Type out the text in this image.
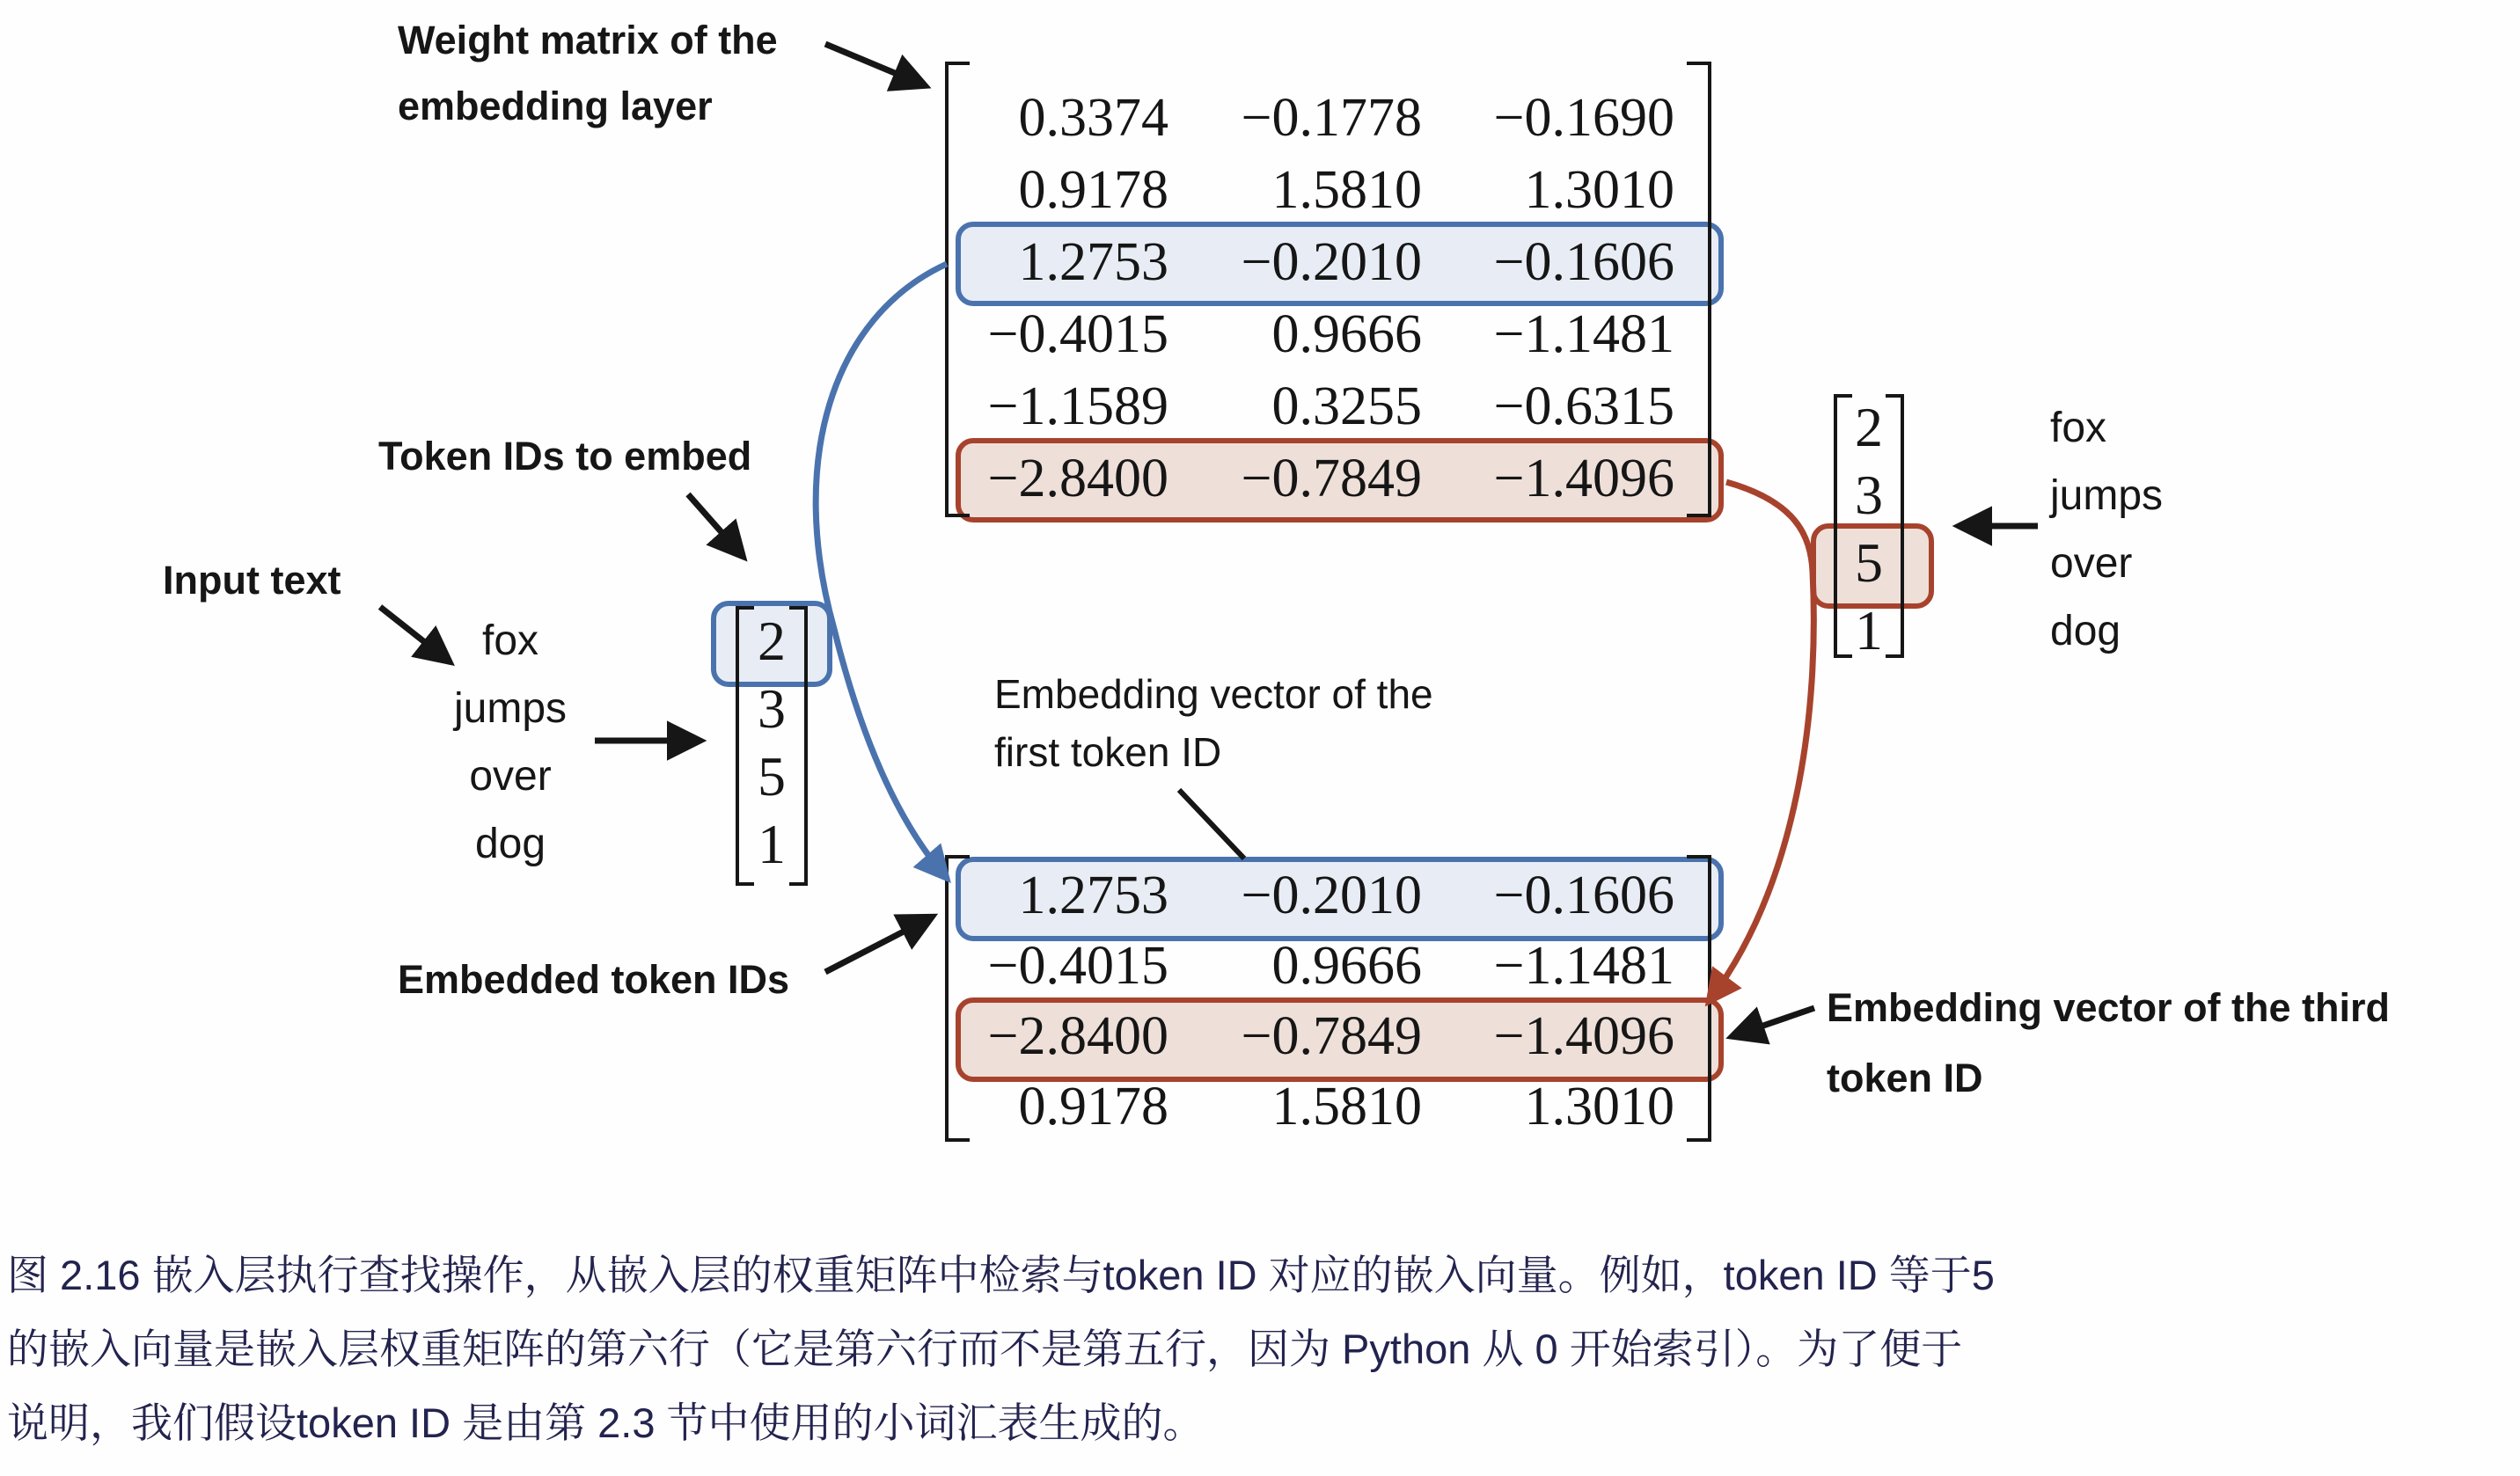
Weight matrix of the
embedding layer
Token IDs to embed
Input text
Embedded token IDs
Embedding vector of the
first token ID
Embedding vector of the third
token ID
fox
jumps
over
dog
fox
jumps
over
dog
0.3374	−0.1778	−0.1690
0.9178	1.5810	1.3010
1.2753	−0.2010	−0.1606
−0.4015	0.9666	−1.1481
−1.1589	0.3255	−0.6315
−2.8400	−0.7849	−1.4096
1.2753	−0.2010	−0.1606
−0.4015	0.9666	−1.1481
−2.8400	−0.7849	−1.4096
0.9178	1.5810	1.3010
2
3
5
1
2
3
5
1
图 2.16 嵌入层执行查找操作，从嵌入层的权重矩阵中检索与token ID 对应的嵌入向量。例如，token ID 等于5
的嵌入向量是嵌入层权重矩阵的第六行（它是第六行而不是第五行，因为 Python 从 0 开始索引）。为了便于
说明，我们假设token ID 是由第 2.3 节中使用的小词汇表生成的。
